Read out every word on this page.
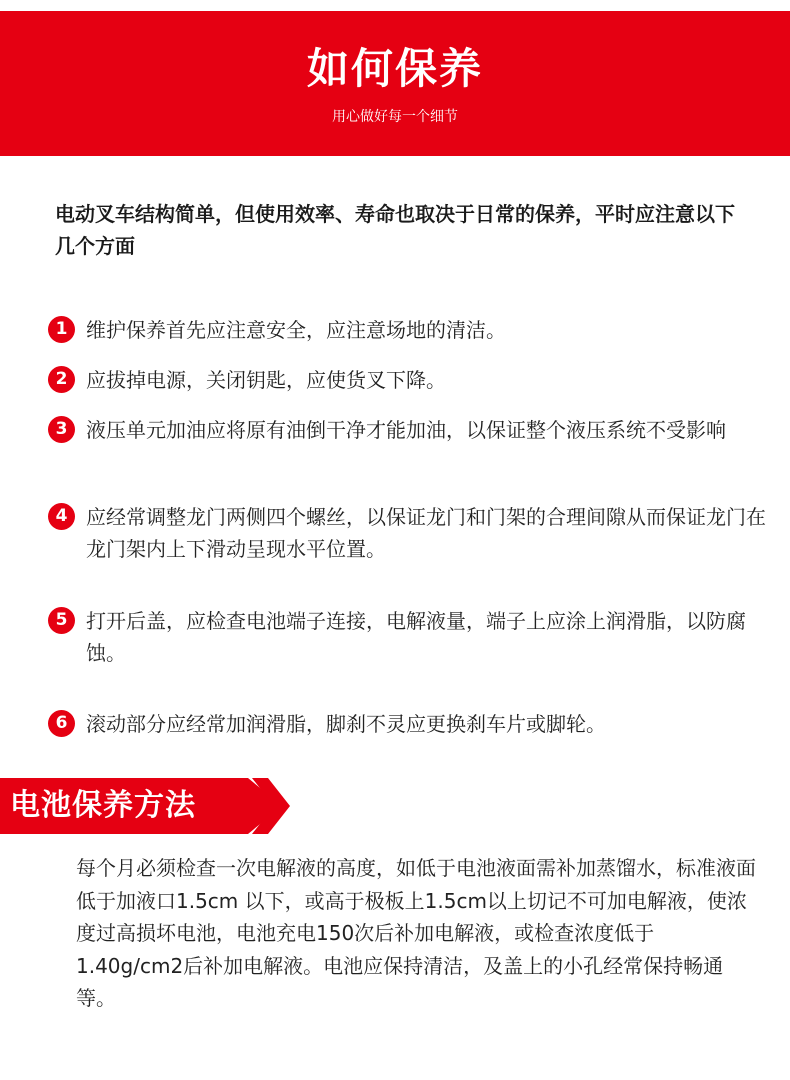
如何保养
用心做好每一个细节
电动叉车结构简单，但使用效率、寿命也取决于日常的保养，平时应注意以下几个方面
1 维护保养首先应注意安全，应注意场地的清洁。
2 应拔掉电源，关闭钥匙，应使货叉下降。
3 液压单元加油应将原有油倒干净才能加油，以保证整个液压系统不受影响
4 应经常调整龙门两侧四个螺丝，以保证龙门和门架的合理间隙从而保证龙门在龙门架内上下滑动呈现水平位置。
5 打开后盖，应检查电池端子连接，电解液量，端子上应涂上润滑脂，以防腐蚀。
6 滚动部分应经常加润滑脂，脚刹不灵应更换刹车片或脚轮。
电池保养方法
每个月必须检查一次电解液的高度，如低于电池液面需补加蒸馏水，标准液面低于加液口1.5cm 以下，或高于极板上1.5cm以上切记不可加电解液，使浓度过高损坏电池，电池充电150次后补加电解液，或检查浓度低于1.40g/cm2后补加电解液。电池应保持清洁，及盖上的小孔经常保持畅通等。
